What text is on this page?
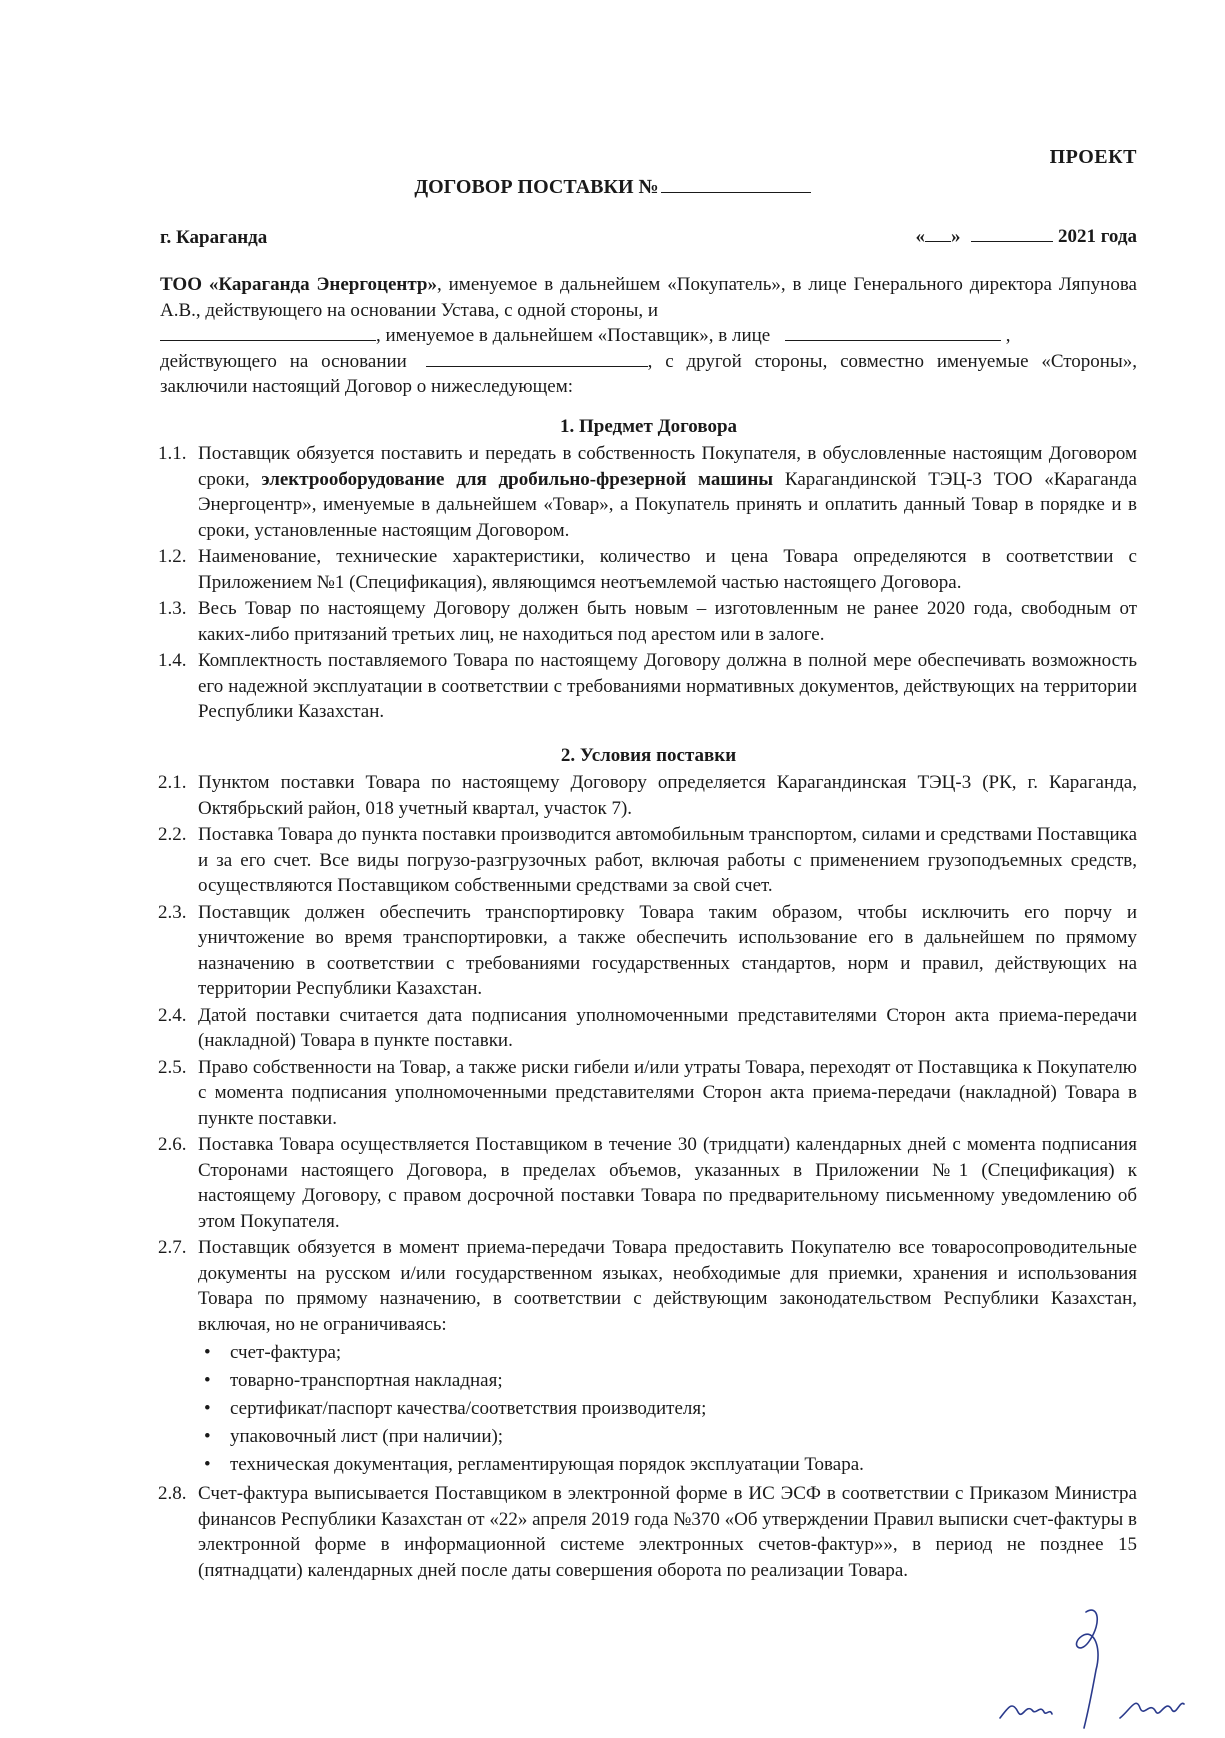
ПРОЕКТ
ДОГОВОР ПОСТАВКИ №
г. Караганда	« »	2021 года

ТОО «Караганда Энергоцентр», именуемое в дальнейшем «Покупатель», в лице Генерального директора Ляпунова А.В., действующего на основании Устава, с одной стороны, и
, именуемое в дальнейшем «Поставщик», в лице	,
действующего на основании	, с другой стороны, совместно именуемые «Стороны», заключили настоящий Договор о нижеследующем:

1. Предмет Договора
1.1. Поставщик обязуется поставить и передать в собственность Покупателя, в обусловленные настоящим Договором сроки, электрооборудование для дробильно-фрезерной машины Карагандинской ТЭЦ-3 ТОО «Караганда Энергоцентр», именуемые в дальнейшем «Товар», а Покупатель принять и оплатить данный Товар в порядке и в сроки, установленные настоящим Договором.
1.2. Наименование, технические характеристики, количество и цена Товара определяются в соответствии с Приложением №1 (Спецификация), являющимся неотъемлемой частью настоящего Договора.
1.3. Весь Товар по настоящему Договору должен быть новым – изготовленным не ранее 2020 года, свободным от каких-либо притязаний третьих лиц, не находиться под арестом или в залоге.
1.4. Комплектность поставляемого Товара по настоящему Договору должна в полной мере обеспечивать возможность его надежной эксплуатации в соответствии с требованиями нормативных документов, действующих на территории Республики Казахстан.
2. Условия поставки
2.1. Пунктом поставки Товара по настоящему Договору определяется Карагандинская ТЭЦ-3 (РК, г. Караганда, Октябрьский район, 018 учетный квартал, участок 7).
2.2. Поставка Товара до пункта поставки производится автомобильным транспортом, силами и средствами Поставщика и за его счет. Все виды погрузо-разгрузочных работ, включая работы с применением грузоподъемных средств, осуществляются Поставщиком собственными средствами за свой счет.
2.3. Поставщик должен обеспечить транспортировку Товара таким образом, чтобы исключить его порчу и уничтожение во время транспортировки, а также обеспечить использование его в дальнейшем по прямому назначению в соответствии с требованиями государственных стандартов, норм и правил, действующих на территории Республики Казахстан.
2.4. Датой поставки считается дата подписания уполномоченными представителями Сторон акта приема-передачи (накладной) Товара в пункте поставки.
2.5. Право собственности на Товар, а также риски гибели и/или утраты Товара, переходят от Поставщика к Покупателю с момента подписания уполномоченными представителями Сторон акта приема-передачи (накладной) Товара в пункте поставки.
2.6. Поставка Товара осуществляется Поставщиком в течение 30 (тридцати) календарных дней с момента подписания Сторонами настоящего Договора, в пределах объемов, указанных в Приложении №1 (Спецификация) к настоящему Договору, с правом досрочной поставки Товара по предварительному письменному уведомлению об этом Покупателя.
2.7. Поставщик обязуется в момент приема-передачи Товара предоставить Покупателю все товаросопроводительные документы на русском и/или государственном языках, необходимые для приемки, хранения и использования Товара по прямому назначению, в соответствии с действующим законодательством Республики Казахстан, включая, но не ограничиваясь:
• счет-фактура;
• товарно-транспортная накладная;
• сертификат/паспорт качества/соответствия производителя;
• упаковочный лист (при наличии);
• техническая документация, регламентирующая порядок эксплуатации Товара.
2.8. Счет-фактура выписывается Поставщиком в электронной форме в ИС ЭСФ в соответствии с Приказом Министра финансов Республики Казахстан от «22» апреля 2019 года №370 «Об утверждении Правил выписки счет-фактуры в электронной форме в информационной системе электронных счетов-фактур»», в период не позднее 15 (пятнадцати) календарных дней после даты совершения оборота по реализации Товара.
